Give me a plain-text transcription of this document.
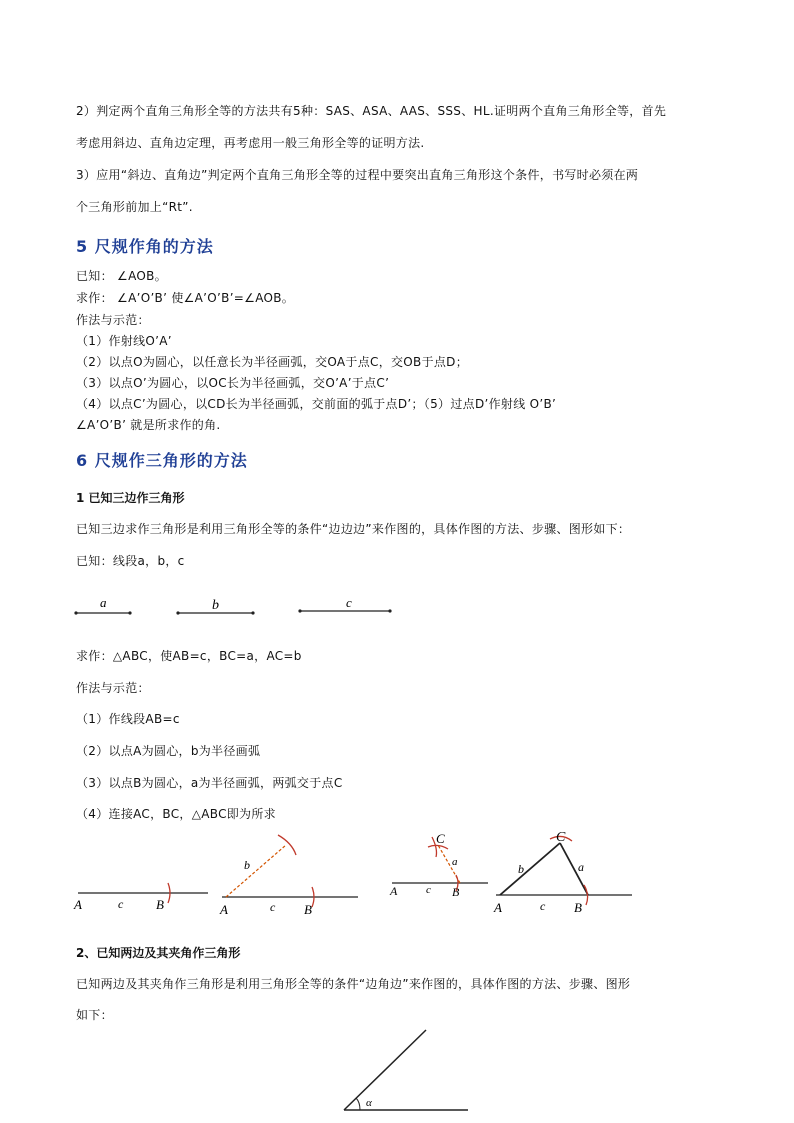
2）判定两个直角三角形全等的方法共有5种：SAS、ASA、AAS、SSS、HL.证明两个直角三角形全等，首先
考虑用斜边、直角边定理，再考虑用一般三角形全等的证明方法.
3）应用“斜边、直角边”判定两个直角三角形全等的过程中要突出直角三角形这个条件，书写时必须在两
个三角形前加上“Rt”.
5 尺规作角的方法
已知： ∠AOB。
求作： ∠A’O’B’ 使∠A’O’B’=∠AOB。
作法与示范：
（1）作射线O’A’
（2）以点O为圆心，以任意长为半径画弧，交OA于点C，交OB于点D；
（3）以点O’为圆心，以OC长为半径画弧，交O’A’于点C’
（4）以点C’为圆心，以CD长为半径画弧，交前面的弧于点D’；（5）过点D’作射线 O’B’
∠A’O’B’ 就是所求作的角.
6 尺规作三角形的方法
1 已知三边作三角形
已知三边求作三角形是利用三角形全等的条件“边边边”来作图的，具体作图的方法、步骤、图形如下：
已知：线段a，b，c
a	b	c
求作：△ABC，使AB=c，BC=a，AC=b
作法与示范：
（1）作线段AB=c
（2）以点A为圆心，b为半径画弧
（3）以点B为圆心，a为半径画弧，两弧交于点C
（4）连接AC，BC，△ABC即为所求
A	c	B
b
A	c B
C
a
A	c B
C
b	a
A	c B
2、已知两边及其夹角作三角形
已知两边及其夹角作三角形是利用三角形全等的条件“边角边”来作图的，具体作图的方法、步骤、图形
如下：
α
